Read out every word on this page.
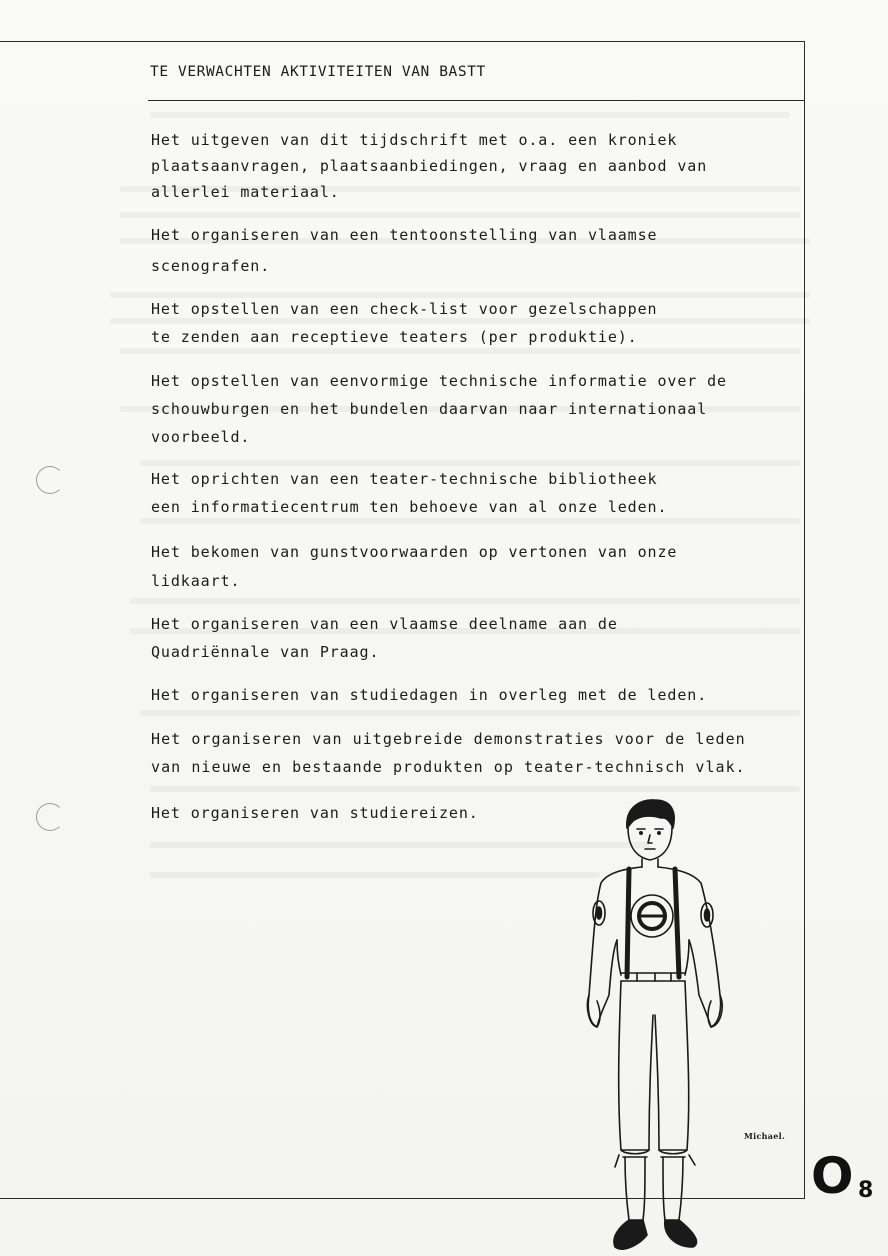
TE VERWACHTEN AKTIVITEITEN VAN BASTT
Het uitgeven van dit tijdschrift met o.a. een kroniek
plaatsaanvragen, plaatsaanbiedingen, vraag en aanbod van
allerlei materiaal.
Het organiseren van een tentoonstelling van vlaamse
scenografen.
Het opstellen van een check-list voor gezelschappen
te zenden aan receptieve teaters (per produktie).
Het opstellen van eenvormige technische informatie over de
schouwburgen en het bundelen daarvan naar internationaal
voorbeeld.
Het oprichten van een teater-technische bibliotheek
een informatiecentrum ten behoeve van al onze leden.
Het bekomen van gunstvoorwaarden op vertonen van onze
lidkaart.
Het organiseren van een vlaamse deelname aan de
Quadriënnale van Praag.
Het organiseren van studiedagen in overleg met de leden.
Het organiseren van uitgebreide demonstraties voor de leden
van nieuwe en bestaande produkten op teater-technisch vlak.
Het organiseren van studiereizen.
Michael.
O 8
